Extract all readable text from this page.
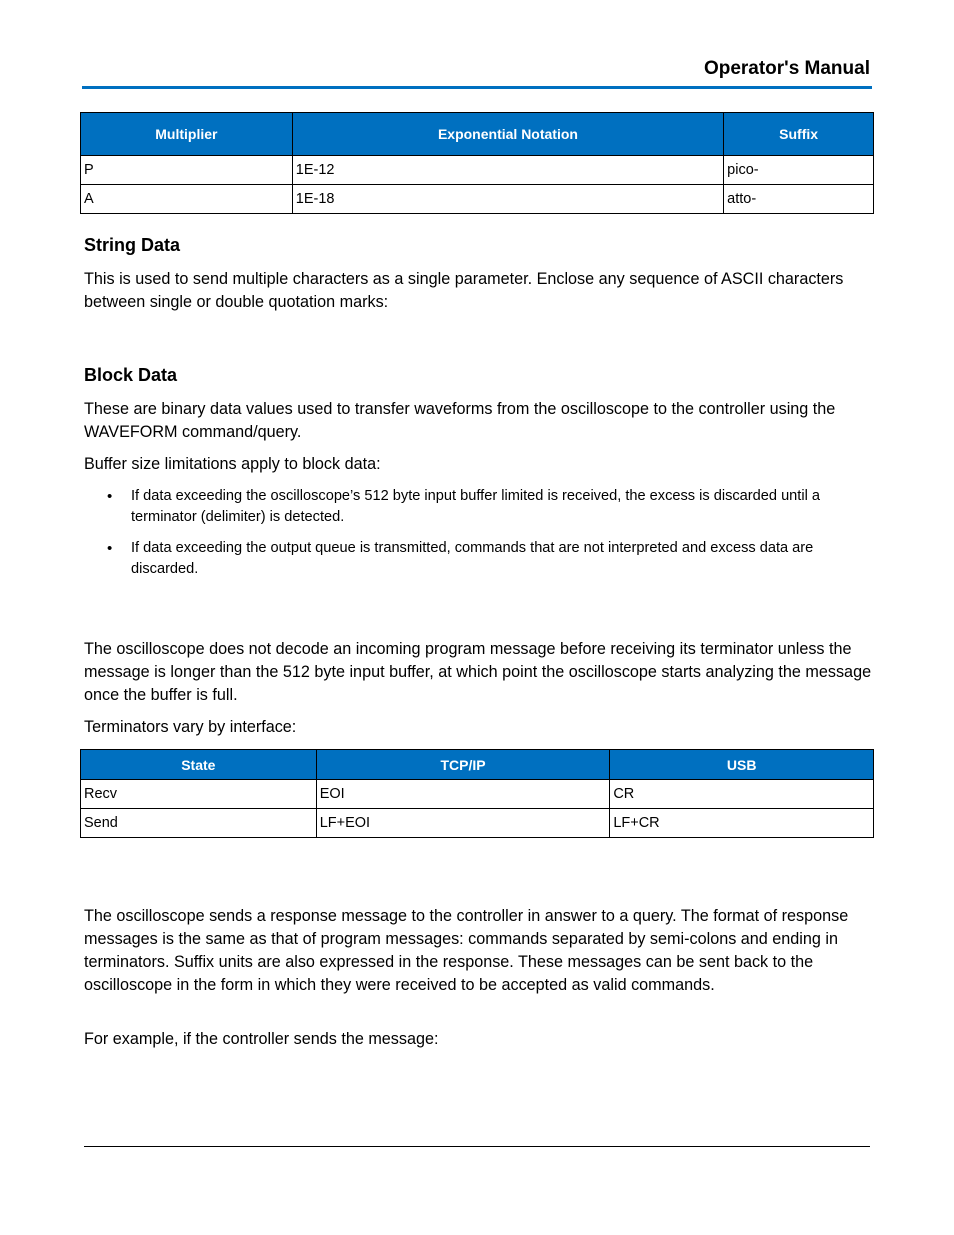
Operator's Manual
Multiplier	Exponential Notation	Suffix
P	1E-12	pico-
A	1E-18	atto-
String Data

This is used to send multiple characters as a single parameter. Enclose any sequence of ASCII characters between single or double quotation marks:

Block Data

These are binary data values used to transfer waveforms from the oscilloscope to the controller using the WAVEFORM command/query.

Buffer size limitations apply to block data:

• If data exceeding the oscilloscope’s 512 byte input buffer limited is received, the excess is discarded until a terminator (delimiter) is detected.
• If data exceeding the output queue is transmitted, commands that are not interpreted and excess data are discarded.

The oscilloscope does not decode an incoming program message before receiving its terminator unless the message is longer than the 512 byte input buffer, at which point the oscilloscope starts analyzing the message once the buffer is full.

Terminators vary by interface:

State	TCP/IP	USB
Recv	EOI	CR
Send	LF+EOI	LF+CR

The oscilloscope sends a response message to the controller in answer to a query. The format of response messages is the same as that of program messages: commands separated by semi-colons and ending in terminators. Suffix units are also expressed in the response. These messages can be sent back to the oscilloscope in the form in which they were received to be accepted as valid commands.

For example, if the controller sends the message:
